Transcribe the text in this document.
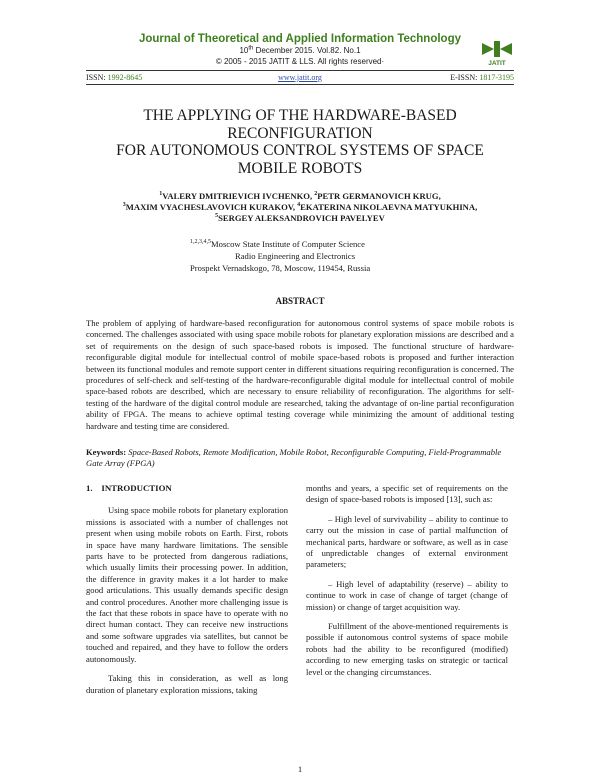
Journal of Theoretical and Applied Information Technology
10th December 2015. Vol.82. No.1
© 2005 - 2015 JATIT & LLS. All rights reserved·	JATIT
ISSN: 1992-8645	www.jatit.org	E-ISSN: 1817-3195
THE APPLYING OF THE HARDWARE-BASED
RECONFIGURATION
FOR AUTONOMOUS CONTROL SYSTEMS OF SPACE
MOBILE ROBOTS
$^1$VALERY DMITRIEVICH IVCHENKO, $^2$PETR GERMANOVICH KRUG,
$^3$MAXIM VYACHESLAVOVICH KURAKOV, $^4$EKATERINA NIKOLAEVNA MATYUKHINA,
$^5$SERGEY ALEKSANDROVICH PAVELYEV
$^{1,2,3,4,5}$Moscow State Institute of Computer Science
Radio Engineering and Electronics
Prospekt Vernadskogo, 78, Moscow, 119454, Russia
ABSTRACT
The problem of applying of hardware-based reconfiguration for autonomous control systems of space mobile robots is concerned. The challenges associated with using space mobile robots for planetary exploration missions are described and a set of requirements on the design of such space-based robots is imposed. The functional structure of hardware-reconfigurable digital module for intellectual control of mobile space-based robots is proposed and further interaction between its functional modules and remote support center in different situations requiring reconfiguration is concerned. The procedures of self-check and self-testing of the hardware-reconfigurable digital module for intellectual control of mobile space-based robots are described, which are necessary to ensure reliability of reconfiguration. The algorithms for self-testing of the hardware of the digital control module are researched, taking the advantage of on-line partial reconfiguration ability of FPGA. The means to achieve optimal testing coverage while minimizing the amount of additional testing hardware and testing time are considered.
Keywords: Space-Based Robots, Remote Modification, Mobile Robot, Reconfigurable Computing, Field-Programmable Gate Array (FPGA)
1.    INTRODUCTION

Using space mobile robots for planetary exploration missions is associated with a number of challenges not present when using mobile robots on Earth. First, robots in space have many hardware limitations. The sensible parts have to be protected from dangerous radiations, which usually limits their processing power. In addition, the difference in gravity makes it a lot harder to make good articulations. This usually demands specific design and control procedures. Another more challenging issue is the fact that these robots in space have to operate with no direct human contact. They can receive new instructions and some software upgrades via satellites, but cannot be touched and repaired, and they have to follow the orders autonomously.

Taking this in consideration, as well as long duration of planetary exploration missions, taking

months and years, a specific set of requirements on the design of space-based robots is imposed [13], such as:

– High level of survivability – ability to continue to carry out the mission in case of partial malfunction of mechanical parts, hardware or software, as well as in case of unpredictable changes of external environment parameters;

– High level of adaptability (reserve) – ability to continue to work in case of change of target (change of mission) or change of target acquisition way.

Fulfillment of the above-mentioned requirements is possible if autonomous control systems of space mobile robots had the ability to be reconfigured (modified) according to new emerging tasks on strategic or tactical level or the changing circumstances.

1
